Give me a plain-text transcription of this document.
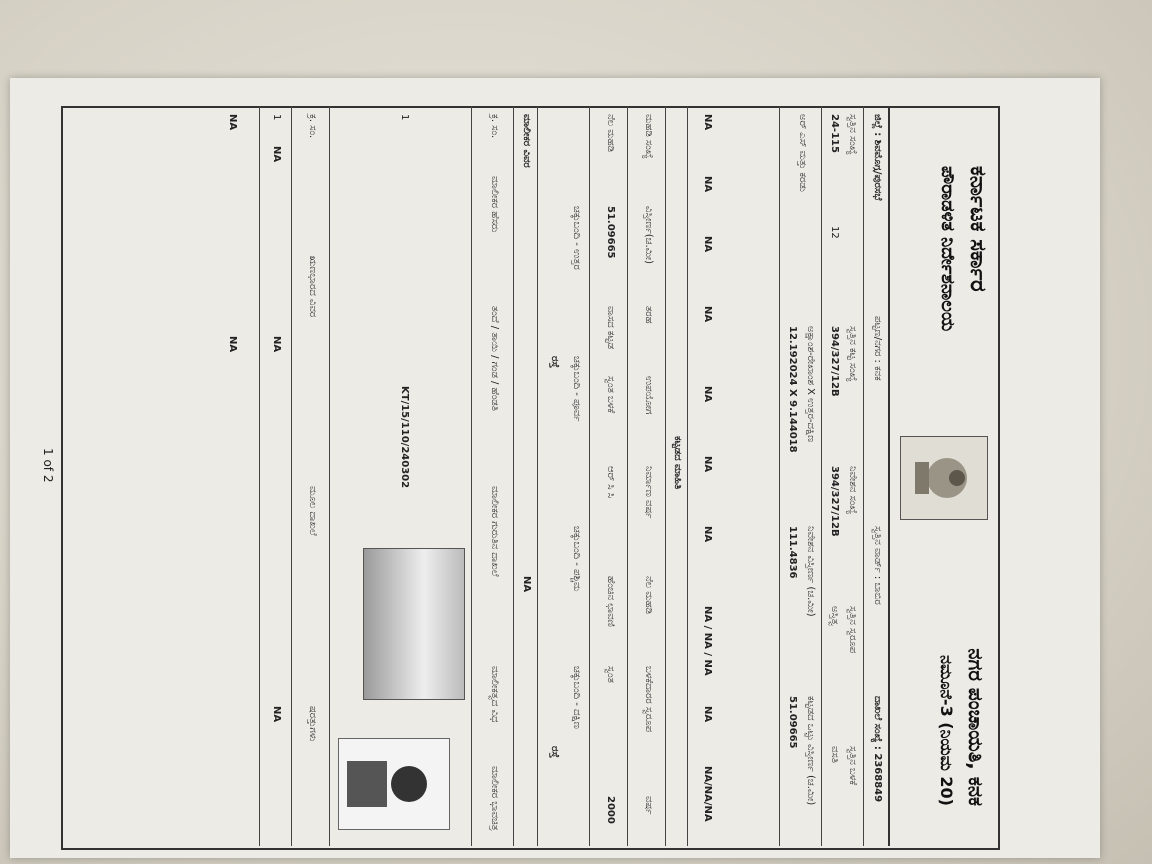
ಕರ್ನಾಟಕ ಸರ್ಕಾರ
ಪೌರಾಡಳಿತ ನಿರ್ದೇಶನಾಲಯ
ನಗರ ಪಂಚಾಯತಿ, ಕನಕ
ನಮೂನೆ-3 (ನಿಯಮ 20)
ಜಿಲ್ಲೆ : ಶಿವಮೊಗ್ಗ/ಪುರಸಭೆ
ಪಟ್ಟಣ/ನಗರ : ಕನಕ
ಸ್ವತ್ತಿನ ವಾರ್ಡ್ : ಬಾಬಿರ
ದಾಖಲೆ ಸಂಖ್ಯೆ : 2368849
ಸ್ವತ್ತಿನ ಸಂಖ್ಯೆ
24-115
12
ಸ್ವತ್ತಿನ ಕಟ್ಟ ಸಂಖ್ಯೆ
394/327/12B
ನಿವೇಶನ ಸಂಖ್ಯೆ
394/327/12B
ಸ್ವತ್ತಿನ ಸ್ವರೂಪ
ಅಸ್ತಿತ್ವ
ಸ್ವತ್ತಿನ ಬಳಕೆ
ವಸತಿ
ಅರ್ ಎಸ್ ಮತ್ತು ಕರಡು
ಅಕ್ಷಾಂಶ-ರೇಖಾಂಶ X ಉತ್ತರ-ದಕ್ಷಿಣ
12.192024 X 9.144018
ನಿವೇಶನ ವಿಸ್ತೀರ್ಣ (ಚ.ಮೀ)
111.4836
ಕಟ್ಟಡದ ಒಟ್ಟು ವಿಸ್ತೀರ್ಣ (ಚ.ಮೀ)
51.09665
NA
NA
NA
NA
NA
NA
NA
NA / NA / NA
NA
NA/NA/NA
ಕಟ್ಟಡದ ಮಾಹಿತಿ
ಮಹಡಿ ಸಂಖ್ಯೆ
ವಿಸ್ತೀರ್ಣ(ಚ.ಮೀ)
ತರಹ
ಉಪಯೋಗ
ನಿರ್ಮಾಣ ವರ್ಷ
ನೆಲ ಮಹಡಿ
ಬಳಕೆದಾರರ ಸ್ವರೂಪ
ವರ್ಷ
ನೆಲ ಮಹಡಿ
51.09665
ವಾಸದ ಕಟ್ಟಡ
ಸ್ವಂತ ಬಳಕೆ
ಆರ್ ಸಿ ಸಿ
ಹೆಂಚಿನ ಛಾವಣಿ
ಸ್ವಂತ
2000
ಚಕ್ಕುಬಂದಿ - ಉತ್ತರ
ಚಕ್ಕುಬಂದಿ - ಪೂರ್ವ
ಚಕ್ಕುಬಂದಿ - ಪಶ್ಚಿಮ
ಚಕ್ಕುಬಂದಿ - ದಕ್ಷಿಣ
ರಸ್ತೆ
ರಸ್ತೆ
ಮಾಲೀಕರ ವಿವರ
NA
ಕ್ರ. ಸಂ.
ಮಾಲೀಕರ ಹೆಸರು
ತಂದೆ / ತಾಯಿ / ಗಂಡ / ಹೆಂಡತಿ
ಮಾಲೀಕರ ಗುರುತಿನ ದಾಖಲೆ
ಮಾಲೀಕತ್ವದ ವಿಧ
ಮಾಲೀಕರ ಭಾವಚಿತ್ರ
1
KT/15/110/240302
ಕ್ರ. ಸಂ.
ಋಣಭಾರದ ವಿವರ
ಮೂಲ ದಾಖಲೆ
ಷರತ್ತುಗಳು
1
NA
NA
NA
NA
NA
1 of 2
